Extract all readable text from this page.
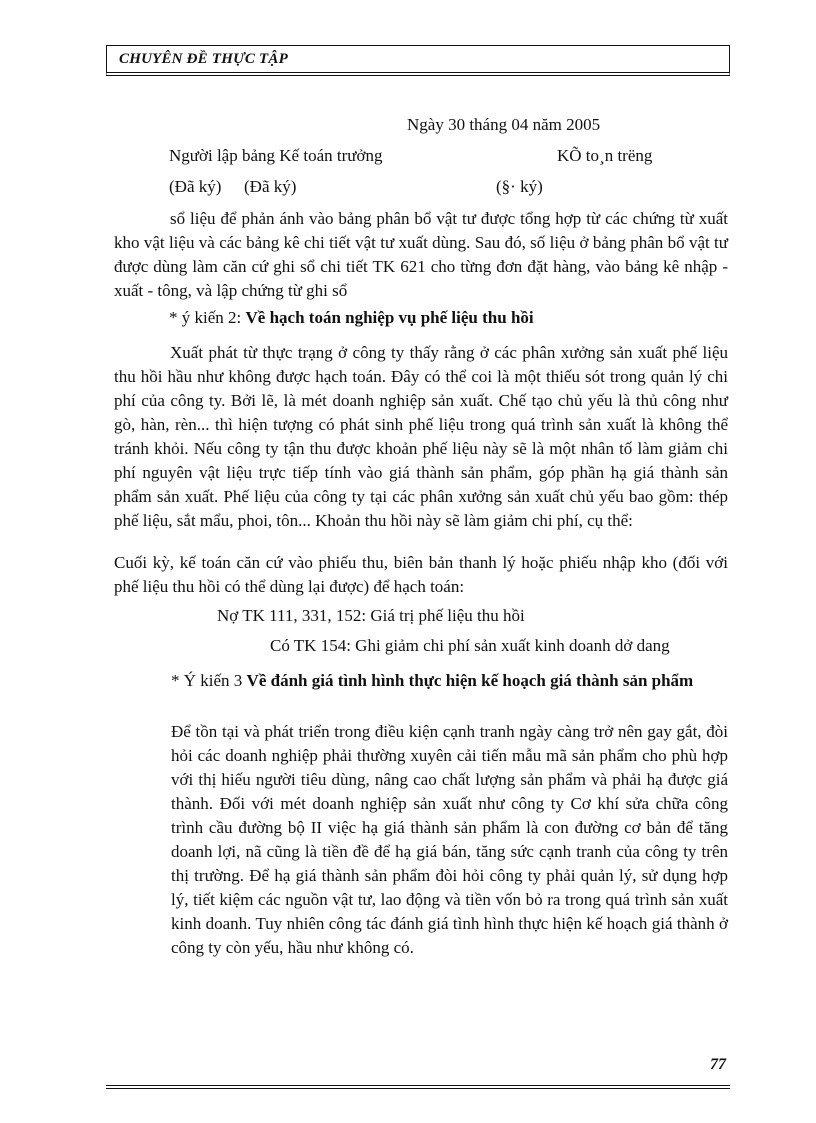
CHUYÊN ĐỀ THỰC TẬP
Ngày 30 tháng 04 năm 2005
Người lập bảng Kế toán trưởng	KÕ to¸n trëng
(Đã ký) (Đã ký)	(§· ký)

sổ liệu để phản ánh vào bảng phân bổ vật tư được tổng hợp từ các chứng từ xuất kho vật liệu và các bảng kê chi tiết vật tư xuất dùng. Sau đó, số liệu ở bảng phân bổ vật tư được dùng làm căn cứ ghi sổ chi tiết TK 621 cho từng đơn đặt hàng, vào bảng kê nhập - xuất - tông, và lập chứng từ ghi sổ

* ý kiến 2: Về hạch toán nghiệp vụ phế liệu thu hồi

Xuất phát từ thực trạng ở công ty thấy rằng ở các phân xưởng sản xuất phế liệu thu hồi hầu như không được hạch toán. Đây có thể coi là một thiếu sót trong quản lý chi phí của công ty. Bởi lẽ, là mét doanh nghiệp sản xuất. Chế tạo chủ yếu là thủ công như gò, hàn, rèn... thì hiện tượng có phát sinh phế liệu trong quá trình sản xuất là không thể tránh khỏi. Nếu công ty tận thu được khoản phế liệu này sẽ là một nhân tố làm giảm chi phí nguyên vật liệu trực tiếp tính vào giá thành sản phẩm, góp phần hạ giá thành sản phẩm sản xuất. Phế liệu của công ty tại các phân xưởng sản xuất chủ yếu bao gồm: thép phế liệu, sắt mẩu, phoi, tôn... Khoản thu hồi này sẽ làm giảm chi phí, cụ thể:

Cuối kỳ, kế toán căn cứ vào phiếu thu, biên bản thanh lý hoặc phiếu nhập kho (đối với phế liệu thu hồi có thể dùng lại được) để hạch toán:

Nợ TK 111, 331, 152: Giá trị phế liệu thu hồi
Có TK 154: Ghi giảm chi phí sản xuất kinh doanh dở dang

* Ý kiến 3 Về đánh giá tình hình thực hiện kế hoạch giá thành sản phẩm

Để tồn tại và phát triển trong điều kiện cạnh tranh ngày càng trở nên gay gắt, đòi hỏi các doanh nghiệp phải thường xuyên cải tiến mẫu mã sản phẩm cho phù hợp với thị hiếu người tiêu dùng, nâng cao chất lượng sản phẩm và phải hạ được giá thành. Đối với mét doanh nghiệp sản xuất như công ty Cơ khí sửa chữa công trình cầu đường bộ II việc hạ giá thành sản phẩm là con đường cơ bản để tăng doanh lợi, nã cũng là tiền đề để hạ giá bán, tăng sức cạnh tranh của công ty trên thị trường. Để hạ giá thành sản phẩm đòi hỏi công ty phải quản lý, sử dụng hợp lý, tiết kiệm các nguồn vật tư, lao động và tiền vốn bỏ ra trong quá trình sản xuất kinh doanh. Tuy nhiên công tác đánh giá tình hình thực hiện kế hoạch giá thành ở công ty còn yếu, hầu như không có.

77
